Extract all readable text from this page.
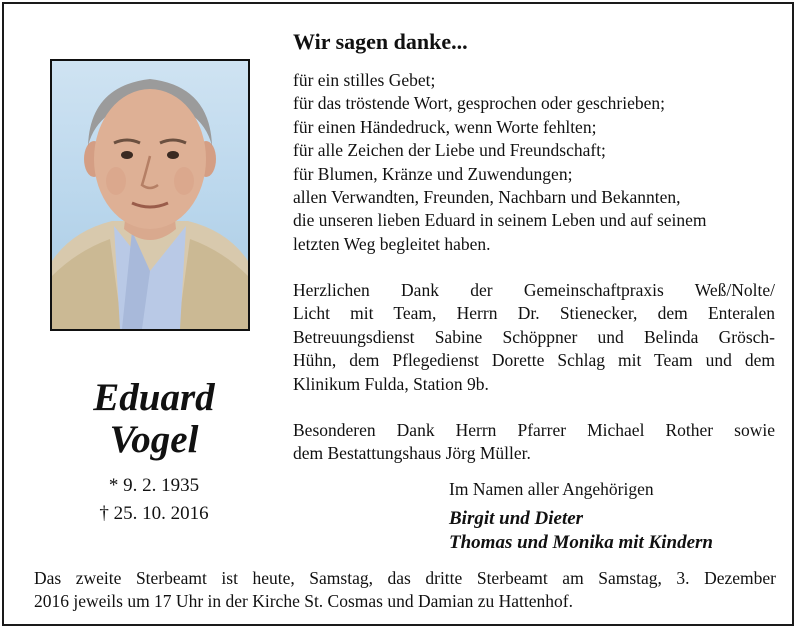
Eduard
Vogel
* 9. 2. 1935
† 25. 10. 2016
Wir sagen danke...
für ein stilles Gebet;
für das tröstende Wort, gesprochen oder geschrieben;
für einen Händedruck, wenn Worte fehlten;
für alle Zeichen der Liebe und Freundschaft;
für Blumen, Kränze und Zuwendungen;
allen Verwandten, Freunden, Nachbarn und Bekannten,
die unseren lieben Eduard in seinem Leben und auf seinem
letzten Weg begleitet haben.
Herzlichen Dank der Gemeinschaftpraxis Weß/Nolte/
Licht mit Team, Herrn Dr. Stienecker, dem Enteralen
Betreuungsdienst Sabine Schöppner und Belinda Grösch-
Hühn, dem Pflegedienst Dorette Schlag mit Team und dem
Klinikum Fulda, Station 9b.
Besonderen Dank Herrn Pfarrer Michael Rother sowie
dem Bestattungshaus Jörg Müller.
Im Namen aller Angehörigen
Birgit und Dieter
Thomas und Monika mit Kindern
Das zweite Sterbeamt ist heute, Samstag, das dritte Sterbeamt am Samstag, 3. Dezember
2016 jeweils um 17 Uhr in der Kirche St. Cosmas und Damian zu Hattenhof.
